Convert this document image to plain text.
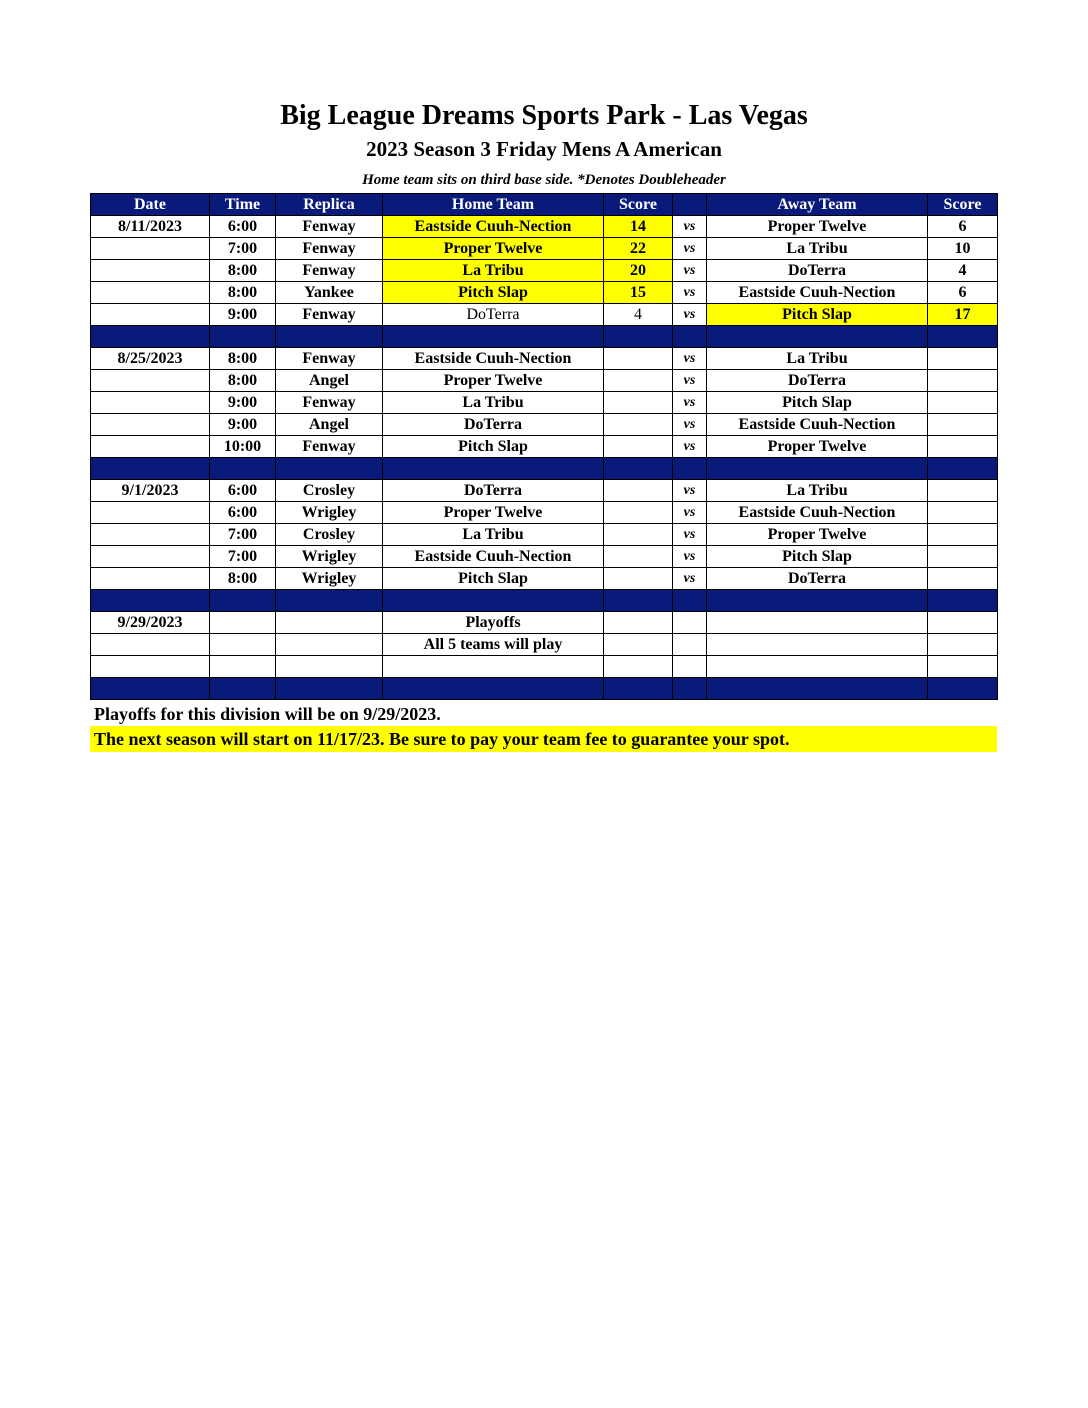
Big League Dreams Sports Park - Las Vegas
2023 Season 3 Friday Mens A American
Home team sits on third base side. *Denotes Doubleheader
Date	Time	Replica	Home Team	Score		Away Team	Score
8/11/2023	6:00	Fenway	Eastside Cuuh-Nection	14	vs	Proper Twelve	6
	7:00	Fenway	Proper Twelve	22	vs	La Tribu	10
	8:00	Fenway	La Tribu	20	vs	DoTerra	4
	8:00	Yankee	Pitch Slap	15	vs	Eastside Cuuh-Nection	6
	9:00	Fenway	DoTerra	4	vs	Pitch Slap	17

8/25/2023	8:00	Fenway	Eastside Cuuh-Nection		vs	La Tribu	
	8:00	Angel	Proper Twelve		vs	DoTerra	
	9:00	Fenway	La Tribu		vs	Pitch Slap	
	9:00	Angel	DoTerra		vs	Eastside Cuuh-Nection	
	10:00	Fenway	Pitch Slap		vs	Proper Twelve	

9/1/2023	6:00	Crosley	DoTerra		vs	La Tribu	
	6:00	Wrigley	Proper Twelve		vs	Eastside Cuuh-Nection	
	7:00	Crosley	La Tribu		vs	Proper Twelve	
	7:00	Wrigley	Eastside Cuuh-Nection		vs	Pitch Slap	
	8:00	Wrigley	Pitch Slap		vs	DoTerra	

9/29/2023			Playoffs				
			All 5 teams will play				

Playoffs for this division will be on 9/29/2023.
The next season will start on 11/17/23. Be sure to pay your team fee to guarantee your spot.
